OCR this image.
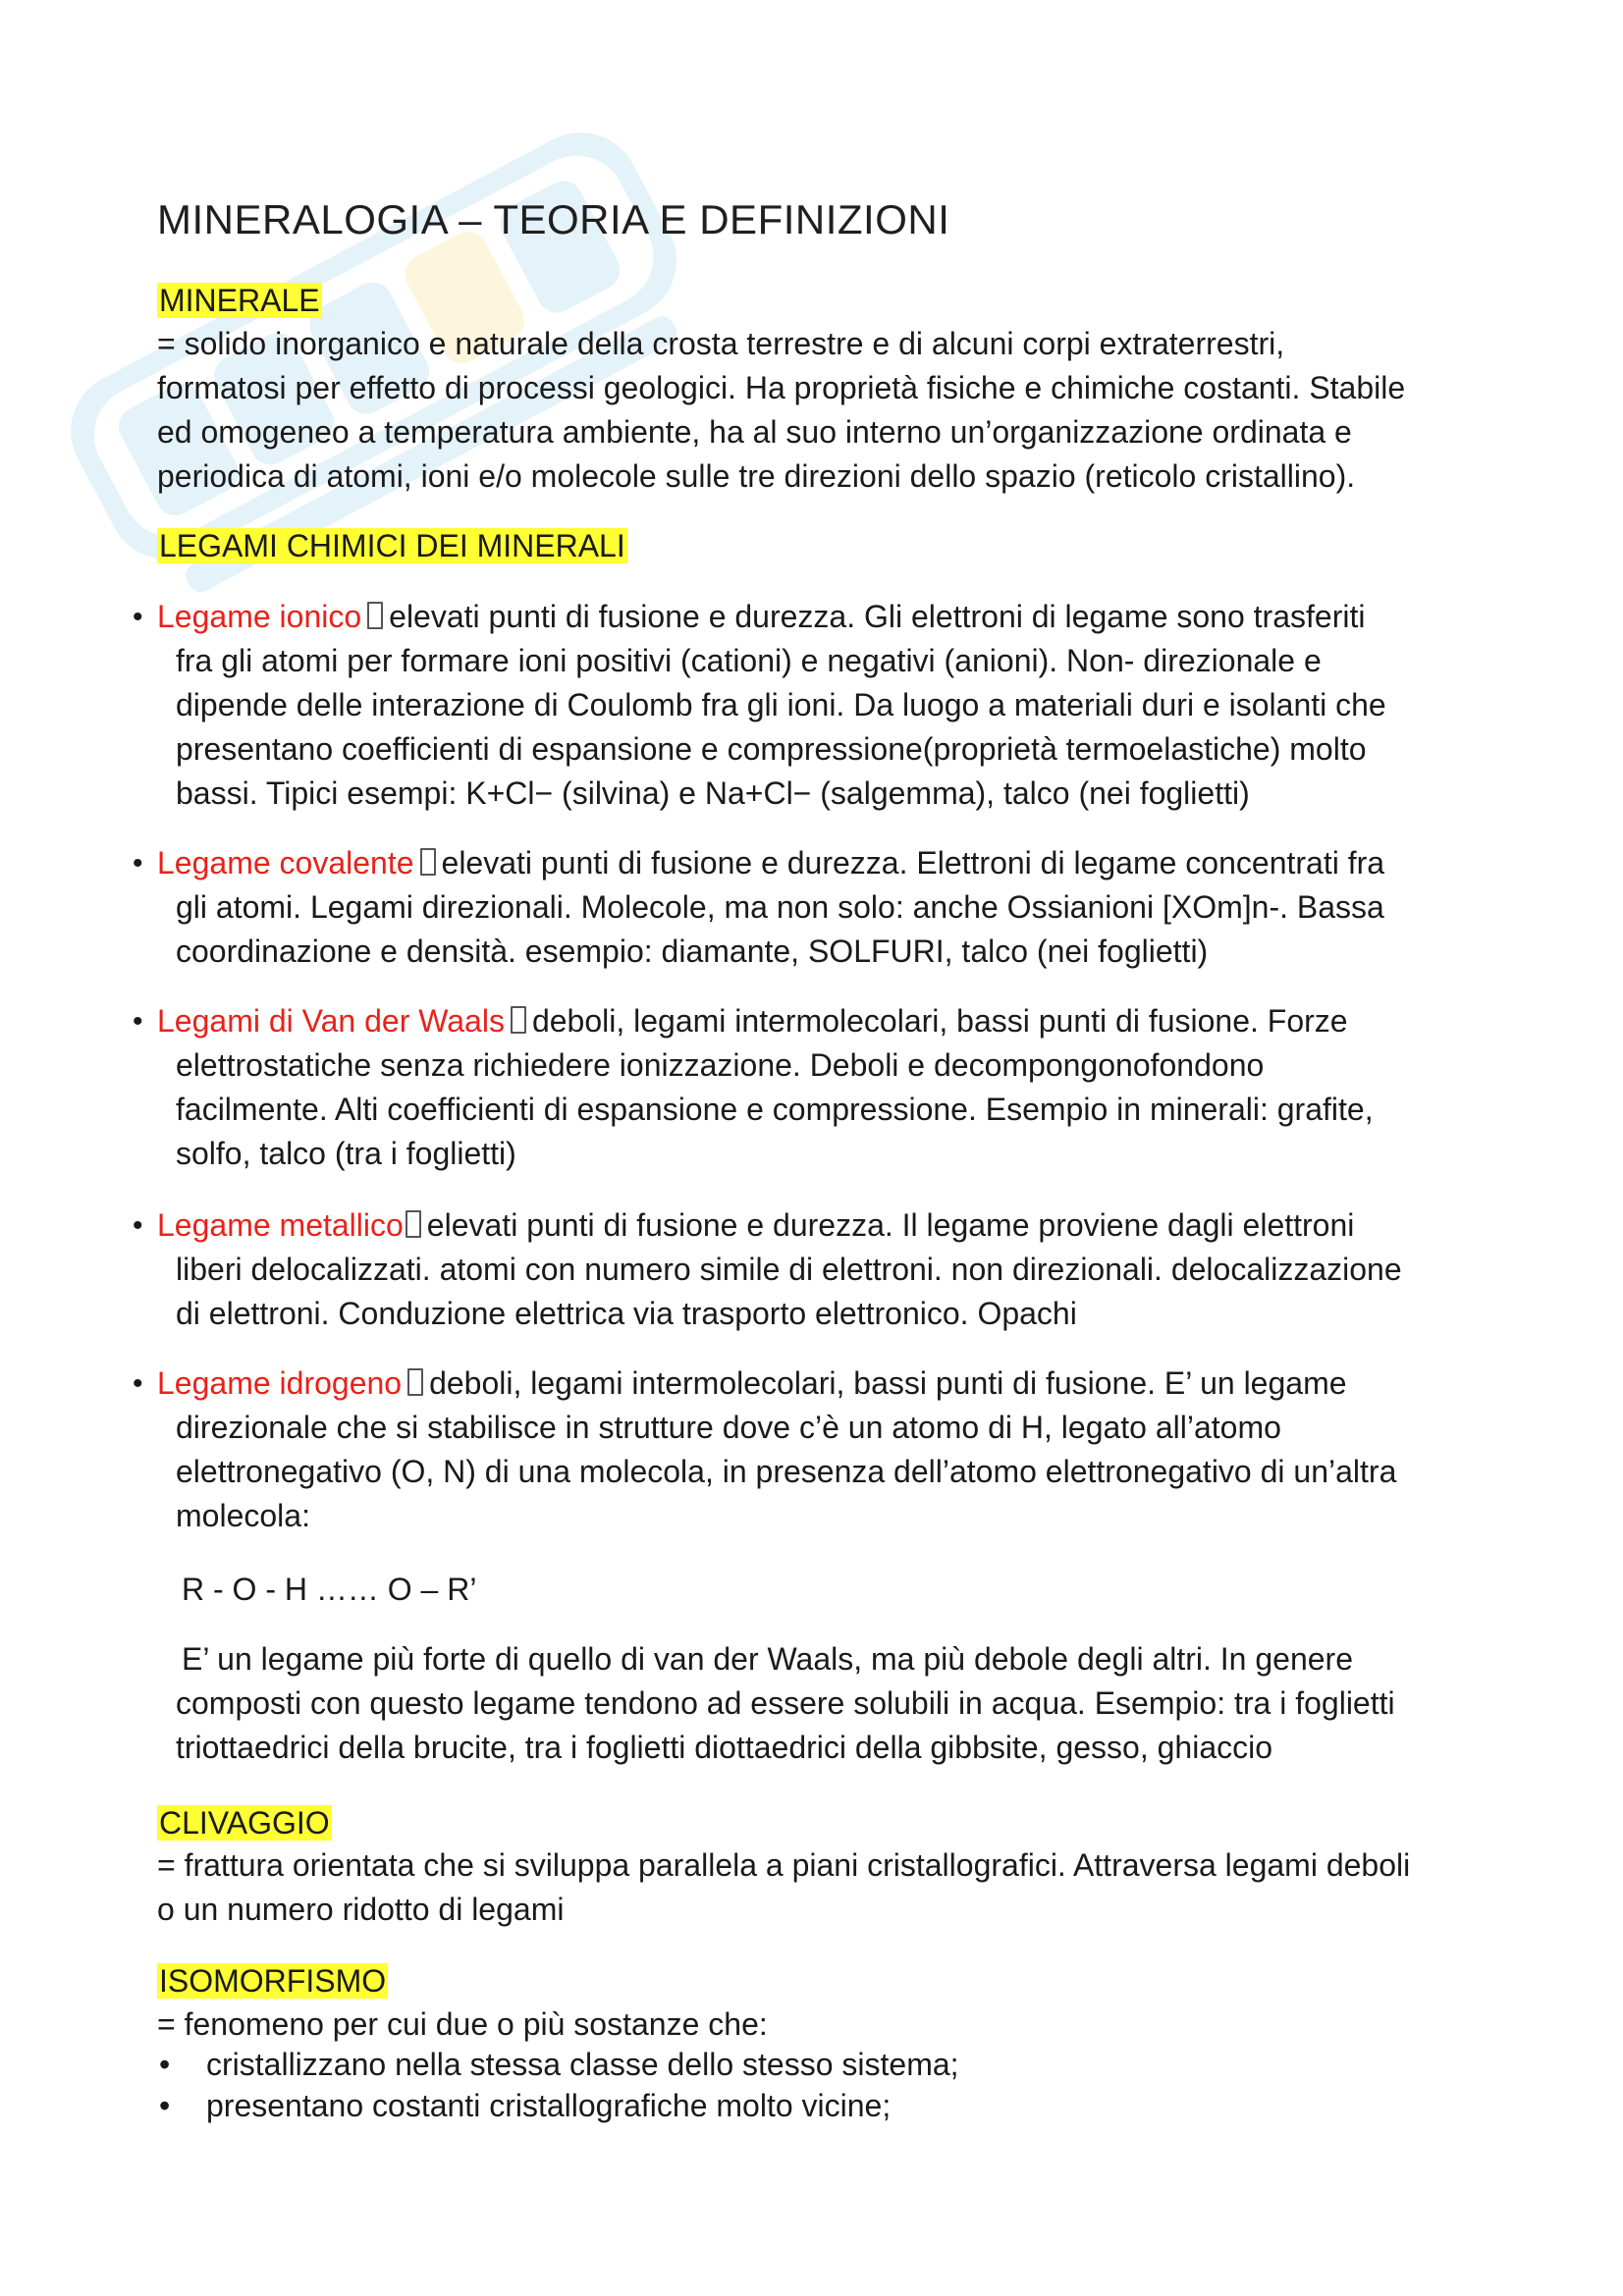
MINERALOGIA – TEORIA E DEFINIZIONI
MINERALE
= solido inorganico e naturale della crosta terrestre e di alcuni corpi extraterrestri,
formatosi per effetto di processi geologici. Ha proprietà fisiche e chimiche costanti. Stabile
ed omogeneo a temperatura ambiente, ha al suo interno un’organizzazione ordinata e
periodica di atomi, ioni e/o molecole sulle tre direzioni dello spazio (reticolo cristallino).
LEGAMI CHIMICI DEI MINERALI
• Legame ionico elevati punti di fusione e durezza. Gli elettroni di legame sono trasferiti
fra gli atomi per formare ioni positivi (cationi) e negativi (anioni). Non- direzionale e
dipende delle interazione di Coulomb fra gli ioni. Da luogo a materiali duri e isolanti che
presentano coefficienti di espansione e compressione(proprietà termoelastiche) molto
bassi. Tipici esempi: K+Cl− (silvina) e Na+Cl− (salgemma), talco (nei foglietti)
• Legame covalente elevati punti di fusione e durezza. Elettroni di legame concentrati fra
gli atomi. Legami direzionali. Molecole, ma non solo: anche Ossianioni [XOm]n-. Bassa
coordinazione e densità. esempio: diamante, SOLFURI, talco (nei foglietti)
• Legami di Van der Waals deboli, legami intermolecolari, bassi punti di fusione. Forze
elettrostatiche senza richiedere ionizzazione. Deboli e decompongonofondono
facilmente. Alti coefficienti di espansione e compressione. Esempio in minerali: grafite,
solfo, talco (tra i foglietti)
• Legame metallico elevati punti di fusione e durezza. Il legame proviene dagli elettroni
liberi delocalizzati. atomi con numero simile di elettroni. non direzionali. delocalizzazione
di elettroni. Conduzione elettrica via trasporto elettronico. Opachi
• Legame idrogeno deboli, legami intermolecolari, bassi punti di fusione. E’ un legame
direzionale che si stabilisce in strutture dove c’è un atomo di H, legato all’atomo
elettronegativo (O, N) di una molecola, in presenza dell’atomo elettronegativo di un’altra
molecola:
R - O - H …… O – R’
E’ un legame più forte di quello di van der Waals, ma più debole degli altri. In genere
composti con questo legame tendono ad essere solubili in acqua. Esempio: tra i foglietti
triottaedrici della brucite, tra i foglietti diottaedrici della gibbsite, gesso, ghiaccio
CLIVAGGIO
= frattura orientata che si sviluppa parallela a piani cristallografici. Attraversa legami deboli
o un numero ridotto di legami
ISOMORFISMO
= fenomeno per cui due o più sostanze che:
• cristallizzano nella stessa classe dello stesso sistema;
• presentano costanti cristallografiche molto vicine;
